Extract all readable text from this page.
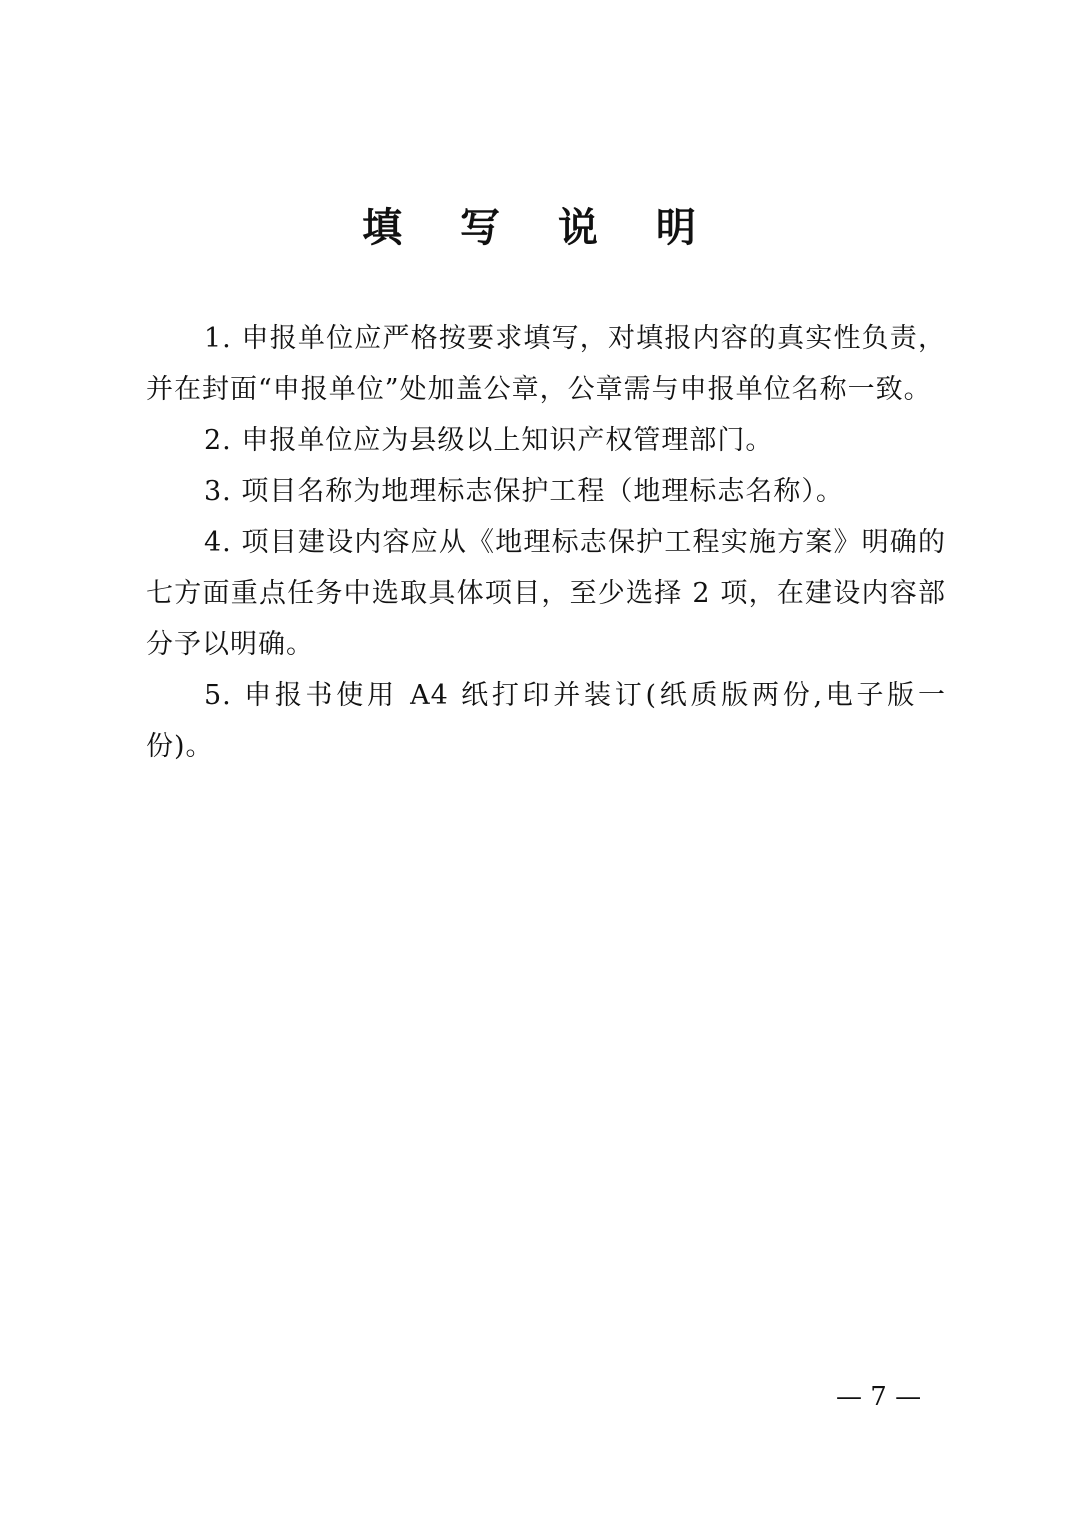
填 写 说 明

1. 申报单位应严格按要求填写，对填报内容的真实性负责，并在封面“申报单位”处加盖公章，公章需与申报单位名称一致。

2. 申报单位应为县级以上知识产权管理部门。

3. 项目名称为地理标志保护工程（地理标志名称）。

4. 项目建设内容应从《地理标志保护工程实施方案》明确的七方面重点任务中选取具体项目，至少选择 2 项，在建设内容部分予以明确。

5. 申报书使用 A4 纸打印并装订(纸质版两份,电子版一份)。

— 7 —
